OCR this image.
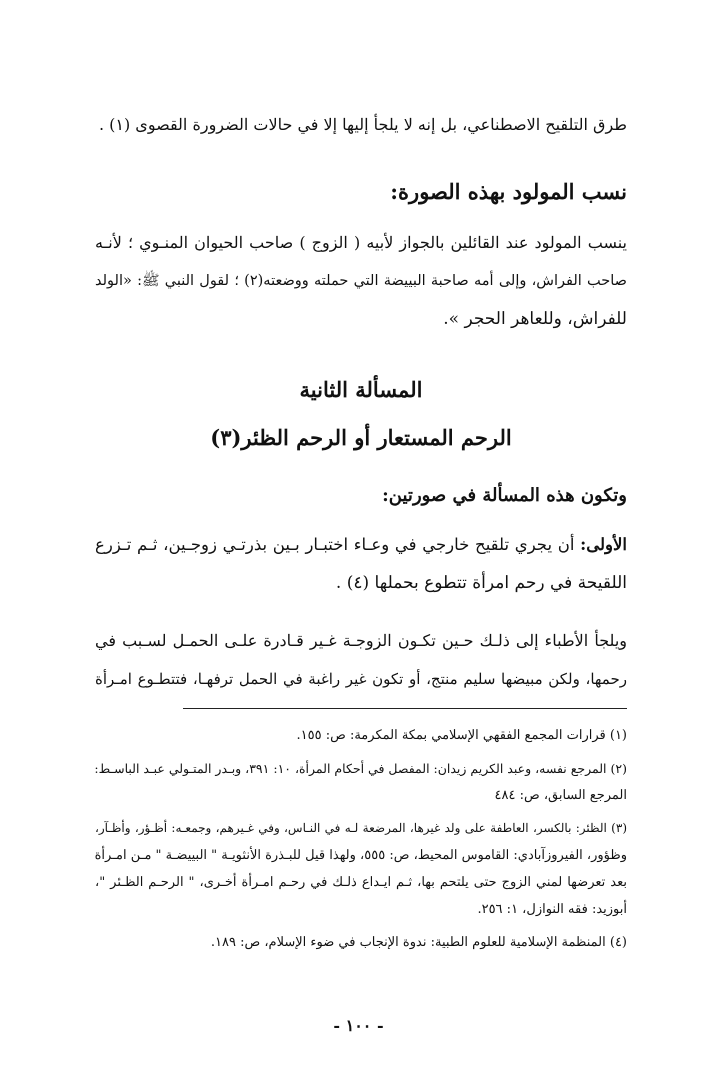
طرق التلقيح الاصطناعي، بل إنه لا يلجأ إليها إلا في حالات الضرورة القصوى (١) .

نسب المولود بهذه الصورة:

ينسب المولود عند القائلين بالجواز لأبيه ( الزوج ) صاحب الحيوان المنـوي ؛ لأنـه
صاحب الفراش، وإلى أمه صاحبة البييضة التي حملته ووضعته(٢) ؛ لقول النبي ﷺ: «الولد
للفراش، وللعاهر الحجر ».

المسألة الثانية
الرحم المستعار أو الرحم الظئر(٣)
وتكون هذه المسألة في صورتين:

الأولى: أن يجري تلقيح خارجي في وعـاء اختبـار بـين بذرتـي زوجـين، ثـم تـزرع
اللقيحة في رحم امرأة تتطوع بحملها (٤) .

ويلجأ الأطباء إلى ذلـك حـين تكـون الزوجـة غـير قـادرة علـى الحمـل لسـبب في
رحمها، ولكن مبيضها سليم منتج، أو تكون غير راغبة في الحمل ترفهـا، فتتطـوع امـرأة

(١) قرارات المجمع الفقهي الإسلامي بمكة المكرمة: ص: ١٥٥.

(٢) المرجع نفسه، وعبد الكريم زيدان: المفصل في أحكام المرأة، ١٠: ٣٩١، وبـدر المتـولي عبـد الباسـط:

المرجع السابق، ص: ٤٨٤

(٣) الظئر: بالكسر، العاطفة على ولد غيرها، المرضعة لـه في النـاس، وفي غـيرهم، وجمعـه: أظـؤر، وأظـآر،

وظؤور، الفيروزآبادي: القاموس المحيط، ص: ٥٥٥، ولهذا قيل للبـذرة الأنثويـة " البييضـة " مـن امـرأة

بعد تعرضها لمني الزوج حتى يلتحم بها، ثـم ايـداع ذلـك في رحـم امـرأة أخـرى، " الرحـم الظـئر "،

أبوزيد: فقه النوازل، ١: ٢٥٦.

(٤) المنظمة الإسلامية للعلوم الطبية: ندوة الإنجاب في ضوء الإسلام، ص: ١٨٩.

- ١٠٠ -
